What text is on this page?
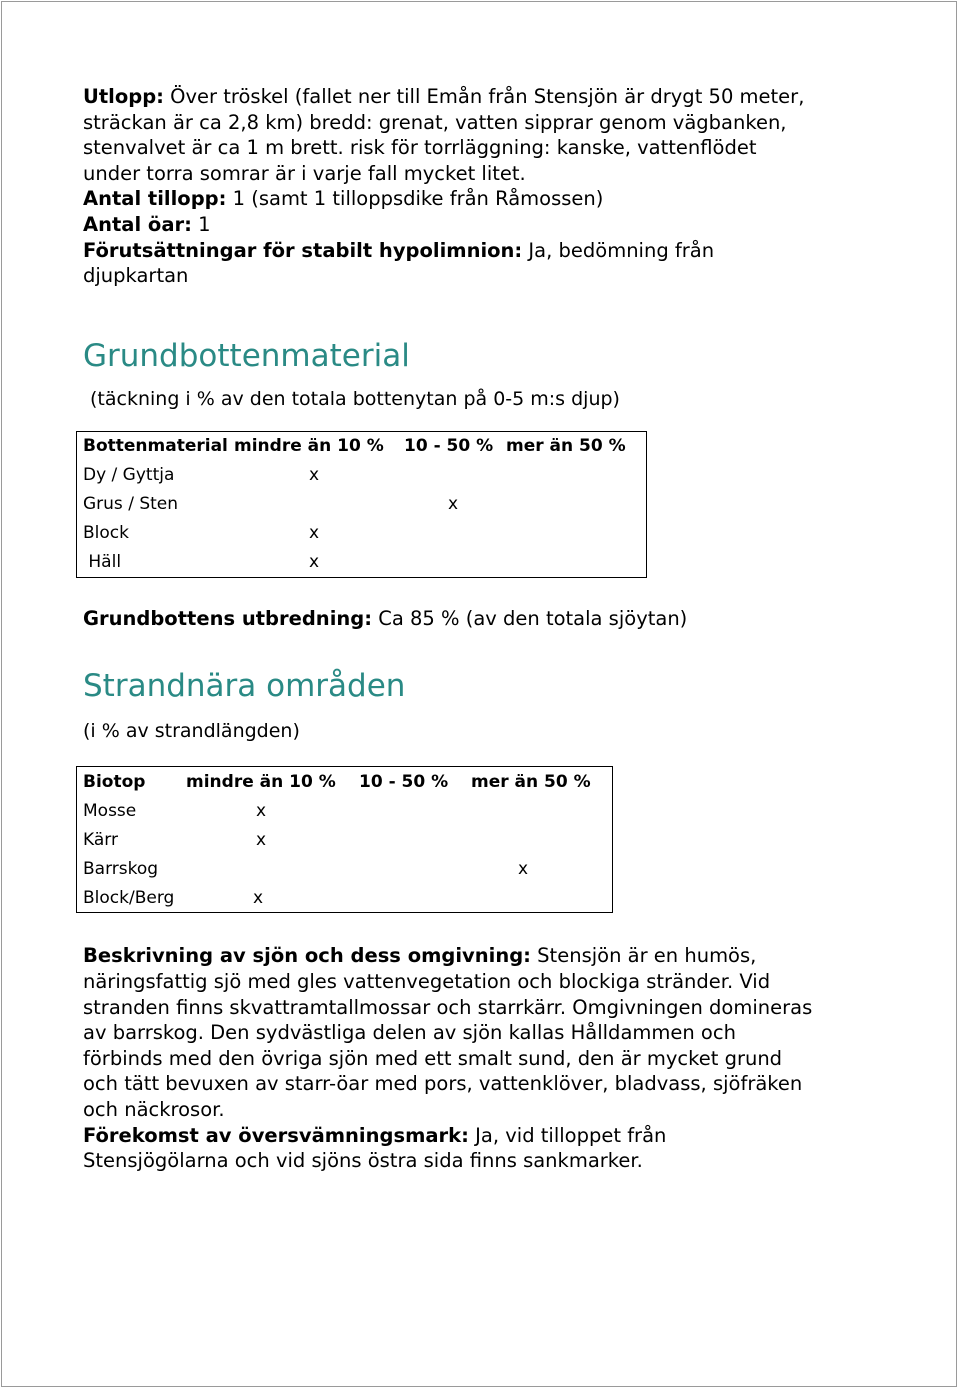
Utlopp: Över tröskel (fallet ner till Emån från Stensjön är drygt 50 meter,
sträckan är ca 2,8 km) bredd: grenat, vatten sipprar genom vägbanken,
stenvalvet är ca 1 m brett. risk för torrläggning: kanske, vattenflödet
under torra somrar är i varje fall mycket litet.
Antal tillopp: 1 (samt 1 tilloppsdike från Råmossen)
Antal öar: 1
Förutsättningar för stabilt hypolimnion: Ja, bedömning från
djupkartan

Grundbottenmaterial

(täckning i % av den totala bottenytan på 0-5 m:s djup)

Bottenmaterial	mindre än 10 %	10 - 50 %	mer än 50 %
Dy / Gyttja	x		
Grus / Sten		x	
Block	x		
Häll	x		

Grundbottens utbredning: Ca 85 % (av den totala sjöytan)

Strandnära områden

(i % av strandlängden)

Biotop	mindre än 10 %	10 - 50 %	mer än 50 %
Mosse	x		
Kärr	x		
Barrskog			x
Block/Berg	x		

Beskrivning av sjön och dess omgivning: Stensjön är en humös,
näringsfattig sjö med gles vattenvegetation och blockiga stränder. Vid
stranden finns skvattramtallmossar och starrkärr. Omgivningen domineras
av barrskog. Den sydvästliga delen av sjön kallas Hålldammen och
förbinds med den övriga sjön med ett smalt sund, den är mycket grund
och tätt bevuxen av starr-öar med pors, vattenklöver, bladvass, sjöfräken
och näckrosor.
Förekomst av översvämningsmark: Ja, vid tilloppet från
Stensjögölarna och vid sjöns östra sida finns sankmarker.
